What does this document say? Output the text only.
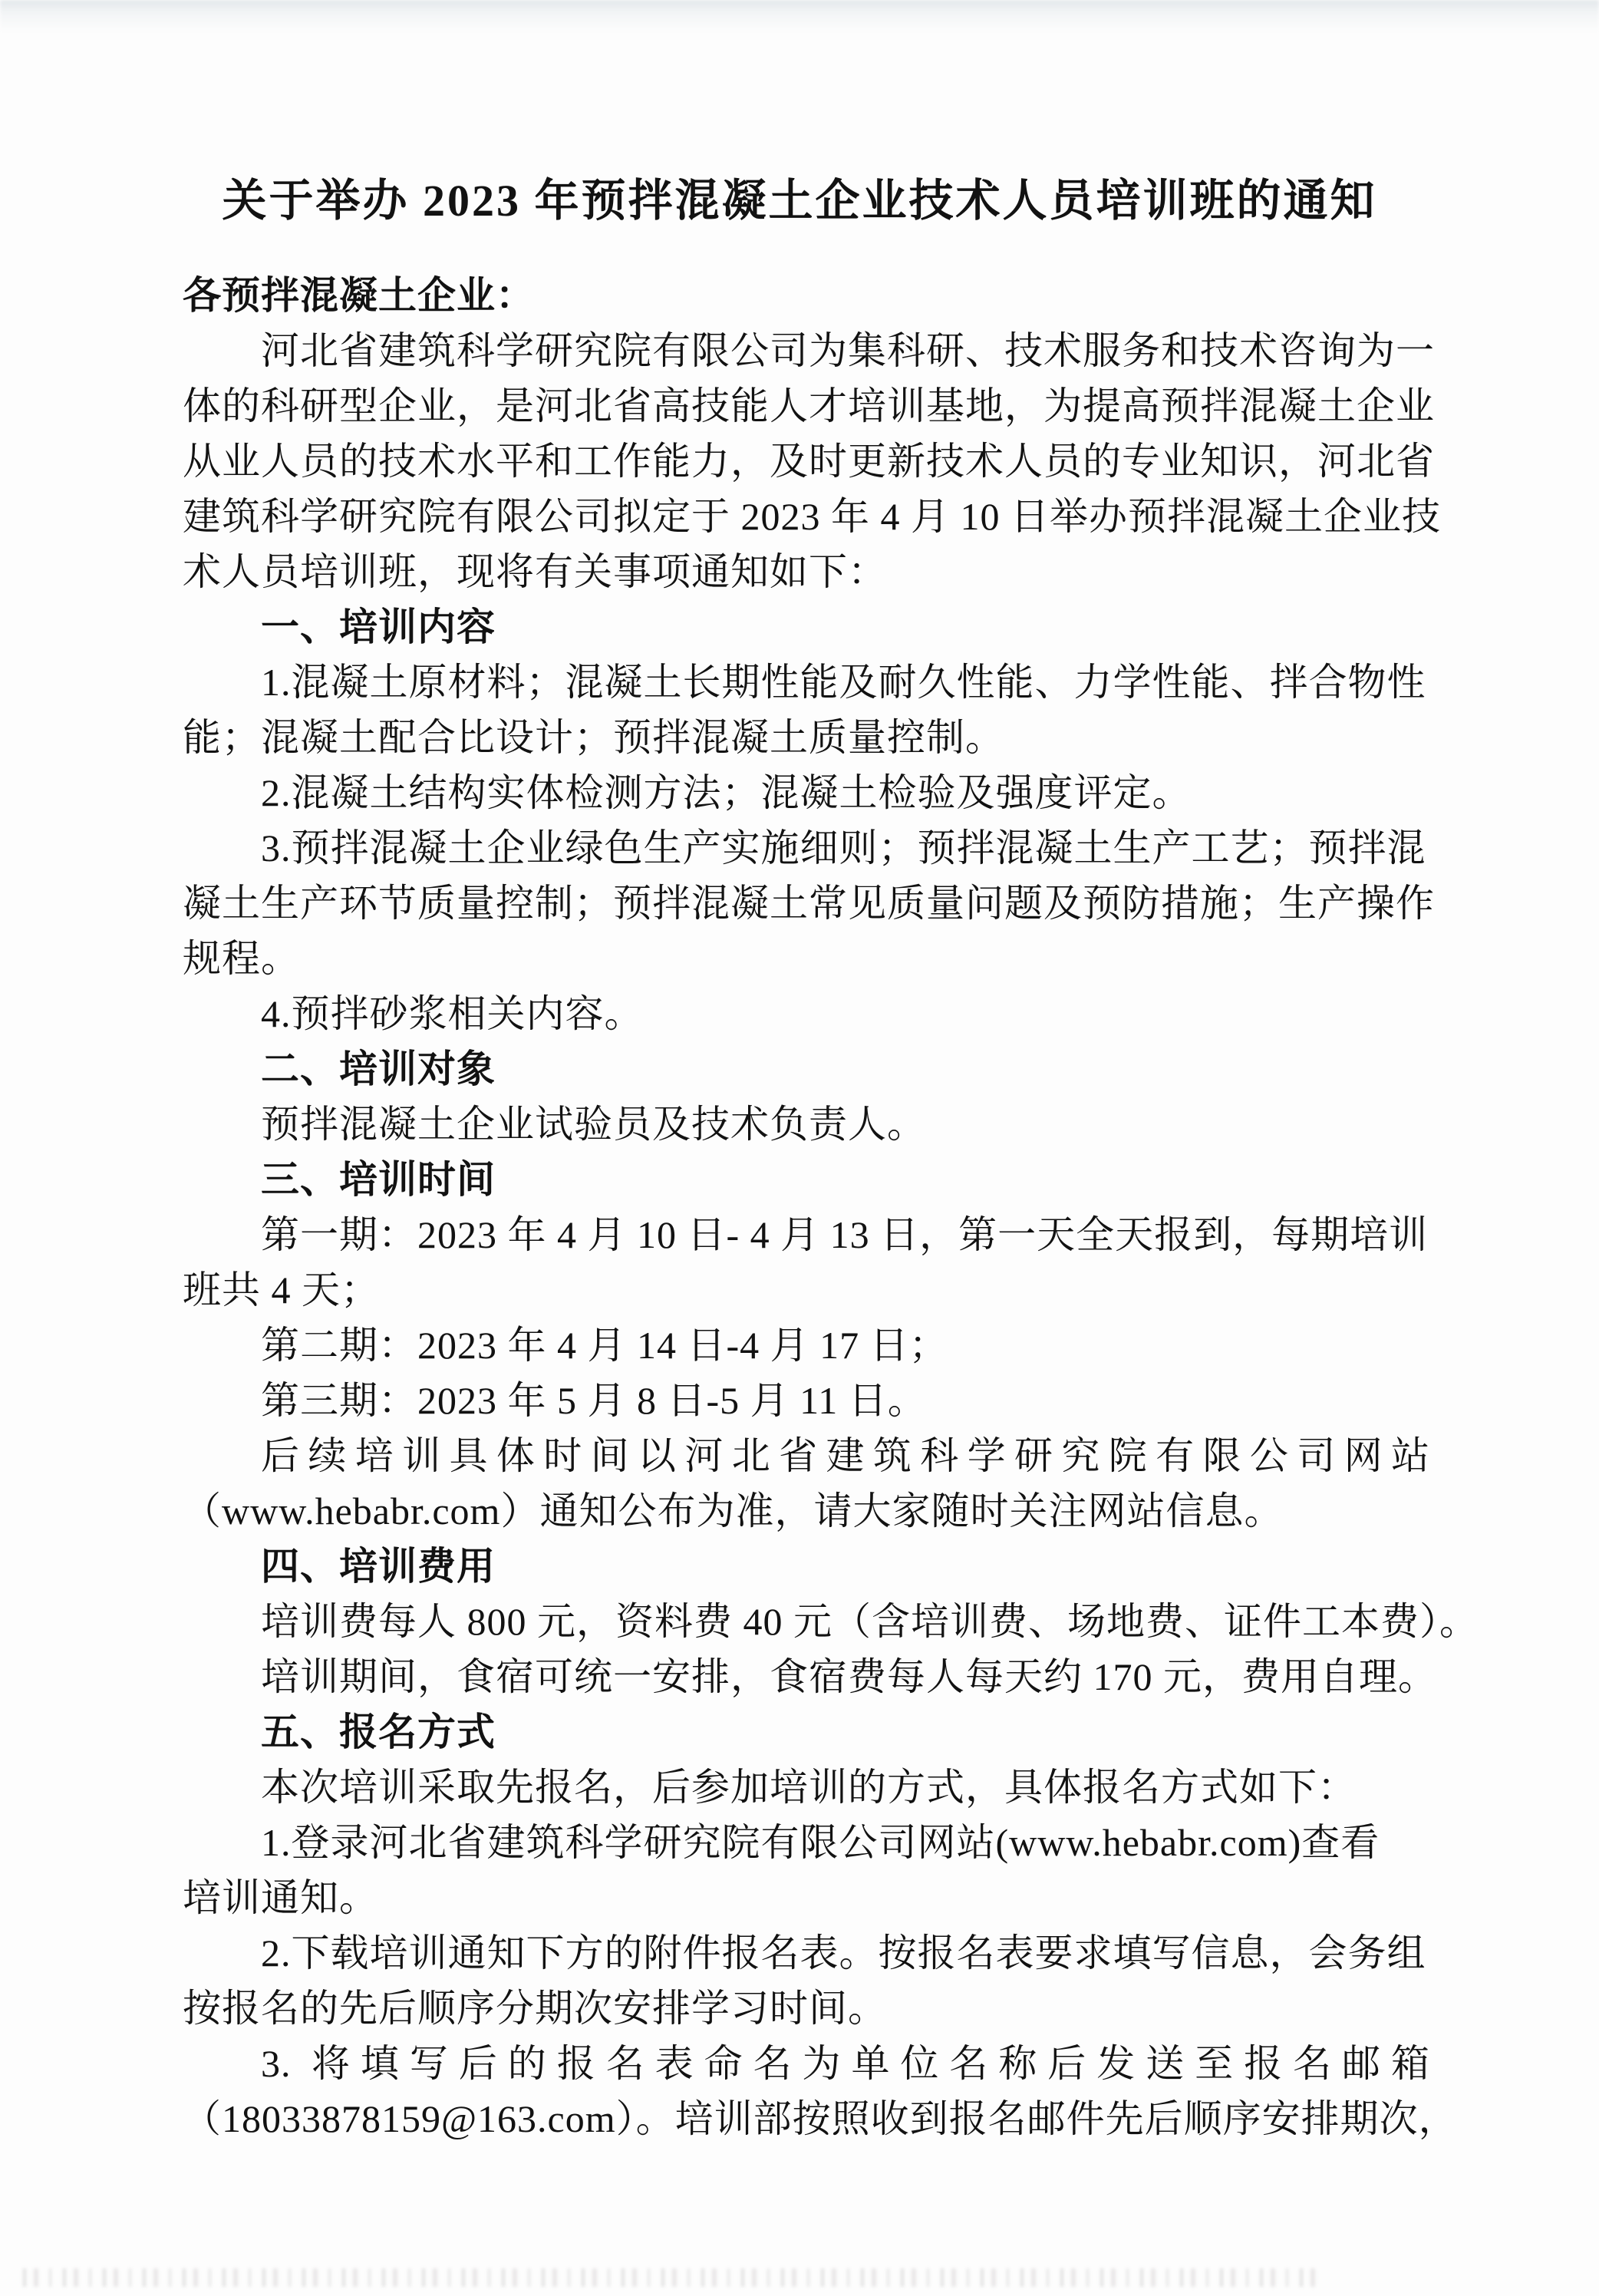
关于举办 2023 年预拌混凝土企业技术人员培训班的通知
各预拌混凝土企业：
河北省建筑科学研究院有限公司为集科研、技术服务和技术咨询为一
体的科研型企业，是河北省高技能人才培训基地，为提高预拌混凝土企业
从业人员的技术水平和工作能力，及时更新技术人员的专业知识，河北省
建筑科学研究院有限公司拟定于 2023 年 4 月 10 日举办预拌混凝土企业技
术人员培训班，现将有关事项通知如下：
一、培训内容
1.混凝土原材料；混凝土长期性能及耐久性能、力学性能、拌合物性
能；混凝土配合比设计；预拌混凝土质量控制。
2.混凝土结构实体检测方法；混凝土检验及强度评定。
3.预拌混凝土企业绿色生产实施细则；预拌混凝土生产工艺；预拌混
凝土生产环节质量控制；预拌混凝土常见质量问题及预防措施；生产操作
规程。
4.预拌砂浆相关内容。
二、培训对象
预拌混凝土企业试验员及技术负责人。
三、培训时间
第一期：2023 年 4 月 10 日- 4 月 13 日，第一天全天报到，每期培训
班共 4 天；
第二期：2023 年 4 月 14 日-4 月 17 日；
第三期：2023 年 5 月 8 日-5 月 11 日。
后续培训具体时间以河北省建筑科学研究院有限公司网站
（www.hebabr.com）通知公布为准，请大家随时关注网站信息。
四、培训费用
培训费每人 800 元，资料费 40 元（含培训费、场地费、证件工本费）。
培训期间，食宿可统一安排，食宿费每人每天约 170 元，费用自理。
五、报名方式
本次培训采取先报名，后参加培训的方式，具体报名方式如下：
1.登录河北省建筑科学研究院有限公司网站(www.hebabr.com)查看
培训通知。
2.下载培训通知下方的附件报名表。按报名表要求填写信息，会务组
按报名的先后顺序分期次安排学习时间。
3. 将填写后的报名表命名为单位名称后发送至报名邮箱
（18033878159@163.com）。培训部按照收到报名邮件先后顺序安排期次，
